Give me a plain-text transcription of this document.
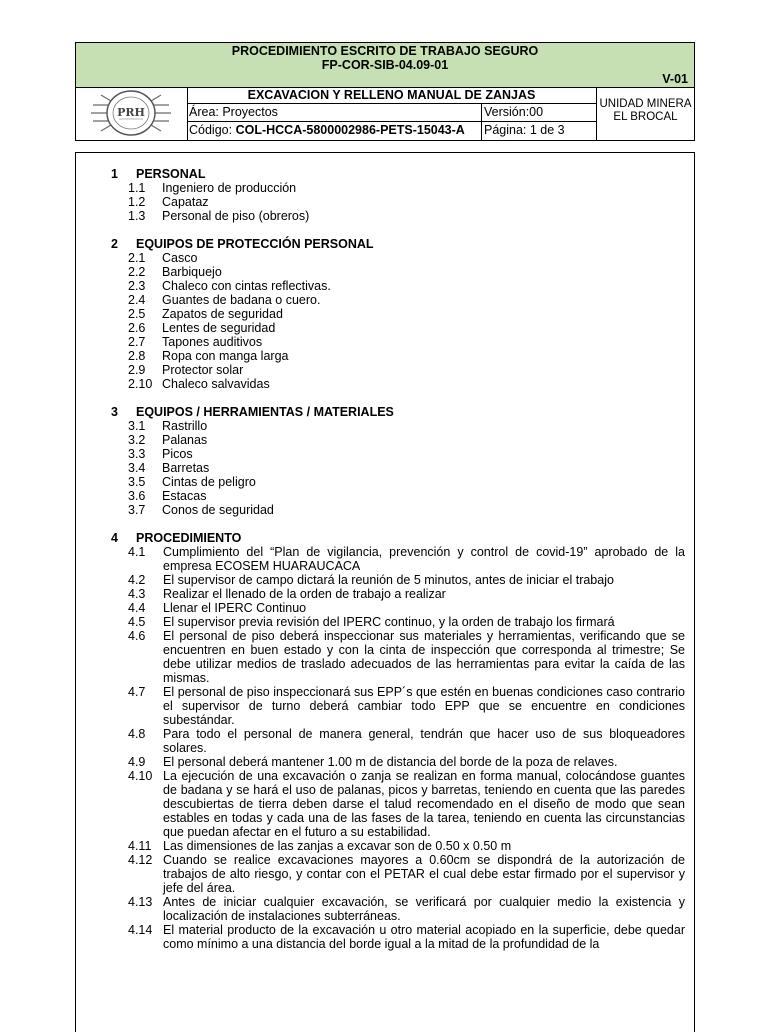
PROCEDIMIENTO ESCRITO DE TRABAJO SEGURO
FP-COR-SIB-04.09-01
V-01
PRH
EXCAVACION Y RELLENO MANUAL DE ZANJAS
Área: Proyectos	Versión:00
Código: COL-HCCA-5800002986-PETS-15043-A	Página: 1 de 3
UNIDAD MINERA
EL BROCAL
1 PERSONAL
1.1 Ingeniero de producción
1.2 Capataz
1.3 Personal de piso (obreros)
2 EQUIPOS DE PROTECCIÓN PERSONAL
2.1 Casco
2.2 Barbiquejo
2.3 Chaleco con cintas reflectivas.
2.4 Guantes de badana o cuero.
2.5 Zapatos de seguridad
2.6 Lentes de seguridad
2.7 Tapones auditivos
2.8 Ropa con manga larga
2.9 Protector solar
2.10 Chaleco salvavidas
3 EQUIPOS / HERRAMIENTAS / MATERIALES
3.1 Rastrillo
3.2 Palanas
3.3 Picos
3.4 Barretas
3.5 Cintas de peligro
3.6 Estacas
3.7 Conos de seguridad
4 PROCEDIMIENTO
4.1 Cumplimiento del “Plan de vigilancia, prevención y control de covid-19” aprobado de la empresa ECOSEM HUARAUCACA
4.2 El supervisor de campo dictará la reunión de 5 minutos, antes de iniciar el trabajo
4.3 Realizar el llenado de la orden de trabajo a realizar
4.4 Llenar el IPERC Continuo
4.5 El supervisor previa revisión del IPERC continuo, y la orden de trabajo los firmará
4.6 El personal de piso deberá inspeccionar sus materiales y herramientas, verificando que se encuentren en buen estado y con la cinta de inspección que corresponda al trimestre; Se debe utilizar medios de traslado adecuados de las herramientas para evitar la caída de las mismas.
4.7 El personal de piso inspeccionará sus EPP´s que estén en buenas condiciones caso contrario el supervisor de turno deberá cambiar todo EPP que se encuentre en condiciones subestándar.
4.8 Para todo el personal de manera general, tendrán que hacer uso de sus bloqueadores solares.
4.9 El personal deberá mantener 1.00 m de distancia del borde de la poza de relaves.
4.10 La ejecución de una excavación o zanja se realizan en forma manual, colocándose guantes de badana y se hará el uso de palanas, picos y barretas, teniendo en cuenta que las paredes descubiertas de tierra deben darse el talud recomendado en el diseño de modo que sean estables en todas y cada una de las fases de la tarea, teniendo en cuenta las circunstancias que puedan afectar en el futuro a su estabilidad.
4.11 Las dimensiones de las zanjas a excavar son de 0.50 x 0.50 m
4.12 Cuando se realice excavaciones mayores a 0.60cm se dispondrá de la autorización de trabajos de alto riesgo, y contar con el PETAR el cual debe estar firmado por el supervisor y jefe del área.
4.13 Antes de iniciar cualquier excavación, se verificará por cualquier medio la existencia y localización de instalaciones subterráneas.
4.14 El material producto de la excavación u otro material acopiado en la superficie, debe quedar como mínimo a una distancia del borde igual a la mitad de la profundidad de la
